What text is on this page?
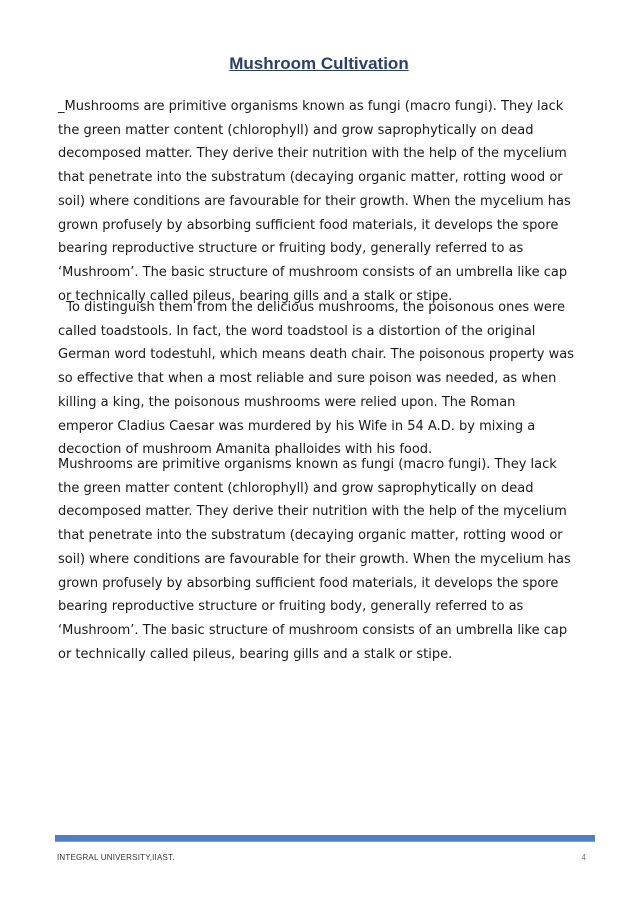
Mushroom Cultivation
_Mushrooms are primitive organisms known as fungi (macro fungi). They lack
the green matter content (chlorophyll) and grow saprophytically on dead
decomposed matter. They derive their nutrition with the help of the mycelium
that penetrate into the substratum (decaying organic matter, rotting wood or
soil) where conditions are favourable for their growth. When the mycelium has
grown profusely by absorbing sufficient food materials, it develops the spore
bearing reproductive structure or fruiting body, generally referred to as
‘Mushroom’. The basic structure of mushroom consists of an umbrella like cap
or technically called pileus, bearing gills and a stalk or stipe.
To distinguish them from the delicious mushrooms, the poisonous ones were
called toadstools. In fact, the word toadstool is a distortion of the original
German word todestuhl, which means death chair. The poisonous property was
so effective that when a most reliable and sure poison was needed, as when
killing a king, the poisonous mushrooms were relied upon. The Roman
emperor Cladius Caesar was murdered by his Wife in 54 A.D. by mixing a
decoction of mushroom Amanita phalloides with his food.
Mushrooms are primitive organisms known as fungi (macro fungi). They lack
the green matter content (chlorophyll) and grow saprophytically on dead
decomposed matter. They derive their nutrition with the help of the mycelium
that penetrate into the substratum (decaying organic matter, rotting wood or
soil) where conditions are favourable for their growth. When the mycelium has
grown profusely by absorbing sufficient food materials, it develops the spore
bearing reproductive structure or fruiting body, generally referred to as
‘Mushroom’. The basic structure of mushroom consists of an umbrella like cap
or technically called pileus, bearing gills and a stalk or stipe.
INTEGRAL UNIVERSITY,IIAST.	4
